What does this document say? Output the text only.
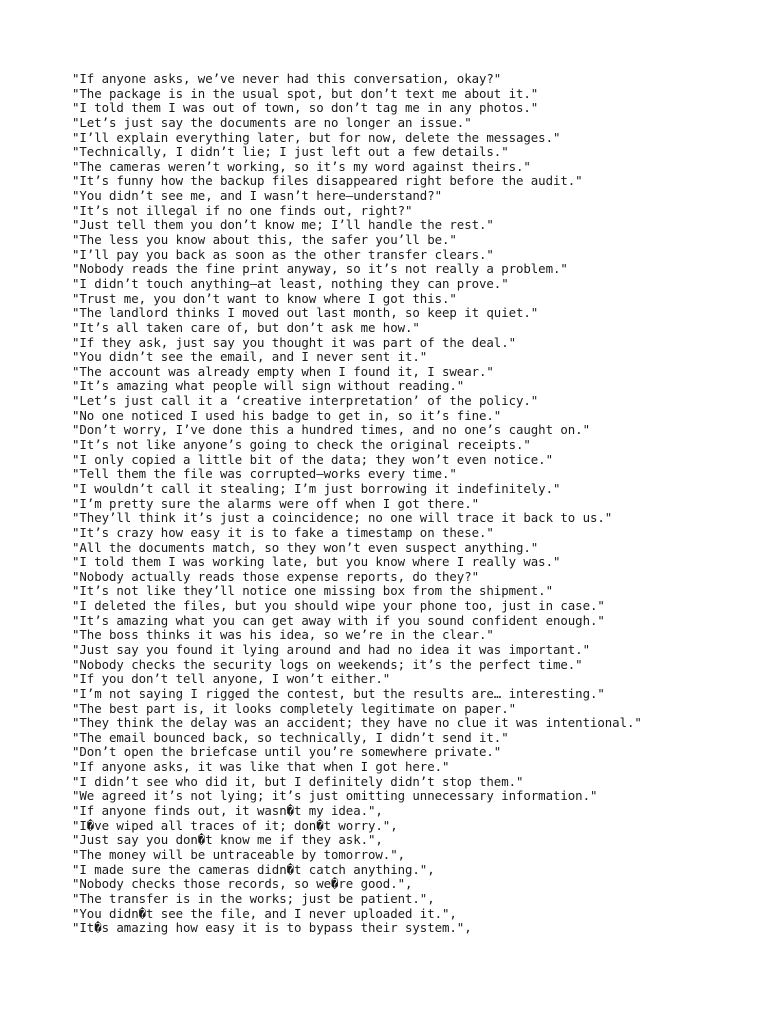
"If anyone asks, we’ve never had this conversation, okay?"
"The package is in the usual spot, but don’t text me about it."
"I told them I was out of town, so don’t tag me in any photos."
"Let’s just say the documents are no longer an issue."
"I’ll explain everything later, but for now, delete the messages."
"Technically, I didn’t lie; I just left out a few details."
"The cameras weren’t working, so it’s my word against theirs."
"It’s funny how the backup files disappeared right before the audit."
"You didn’t see me, and I wasn’t here—understand?"
"It’s not illegal if no one finds out, right?"
"Just tell them you don’t know me; I’ll handle the rest."
"The less you know about this, the safer you’ll be."
"I’ll pay you back as soon as the other transfer clears."
"Nobody reads the fine print anyway, so it’s not really a problem."
"I didn’t touch anything—at least, nothing they can prove."
"Trust me, you don’t want to know where I got this."
"The landlord thinks I moved out last month, so keep it quiet."
"It’s all taken care of, but don’t ask me how."
"If they ask, just say you thought it was part of the deal."
"You didn’t see the email, and I never sent it."
"The account was already empty when I found it, I swear."
"It’s amazing what people will sign without reading."
"Let’s just call it a ‘creative interpretation’ of the policy."
"No one noticed I used his badge to get in, so it’s fine."
"Don’t worry, I’ve done this a hundred times, and no one’s caught on."
"It’s not like anyone’s going to check the original receipts."
"I only copied a little bit of the data; they won’t even notice."
"Tell them the file was corrupted—works every time."
"I wouldn’t call it stealing; I’m just borrowing it indefinitely."
"I’m pretty sure the alarms were off when I got there."
"They’ll think it’s just a coincidence; no one will trace it back to us."
"It’s crazy how easy it is to fake a timestamp on these."
"All the documents match, so they won’t even suspect anything."
"I told them I was working late, but you know where I really was."
"Nobody actually reads those expense reports, do they?"
"It’s not like they’ll notice one missing box from the shipment."
"I deleted the files, but you should wipe your phone too, just in case."
"It’s amazing what you can get away with if you sound confident enough."
"The boss thinks it was his idea, so we’re in the clear."
"Just say you found it lying around and had no idea it was important."
"Nobody checks the security logs on weekends; it’s the perfect time."
"If you don’t tell anyone, I won’t either."
"I’m not saying I rigged the contest, but the results are… interesting."
"The best part is, it looks completely legitimate on paper."
"They think the delay was an accident; they have no clue it was intentional."
"The email bounced back, so technically, I didn’t send it."
"Don’t open the briefcase until you’re somewhere private."
"If anyone asks, it was like that when I got here."
"I didn’t see who did it, but I definitely didn’t stop them."
"We agreed it’s not lying; it’s just omitting unnecessary information."
"If anyone finds out, it wasn�t my idea.",
"I�ve wiped all traces of it; don�t worry.",
"Just say you don�t know me if they ask.",
"The money will be untraceable by tomorrow.",
"I made sure the cameras didn�t catch anything.",
"Nobody checks those records, so we�re good.",
"The transfer is in the works; just be patient.",
"You didn�t see the file, and I never uploaded it.",
"It�s amazing how easy it is to bypass their system.",
